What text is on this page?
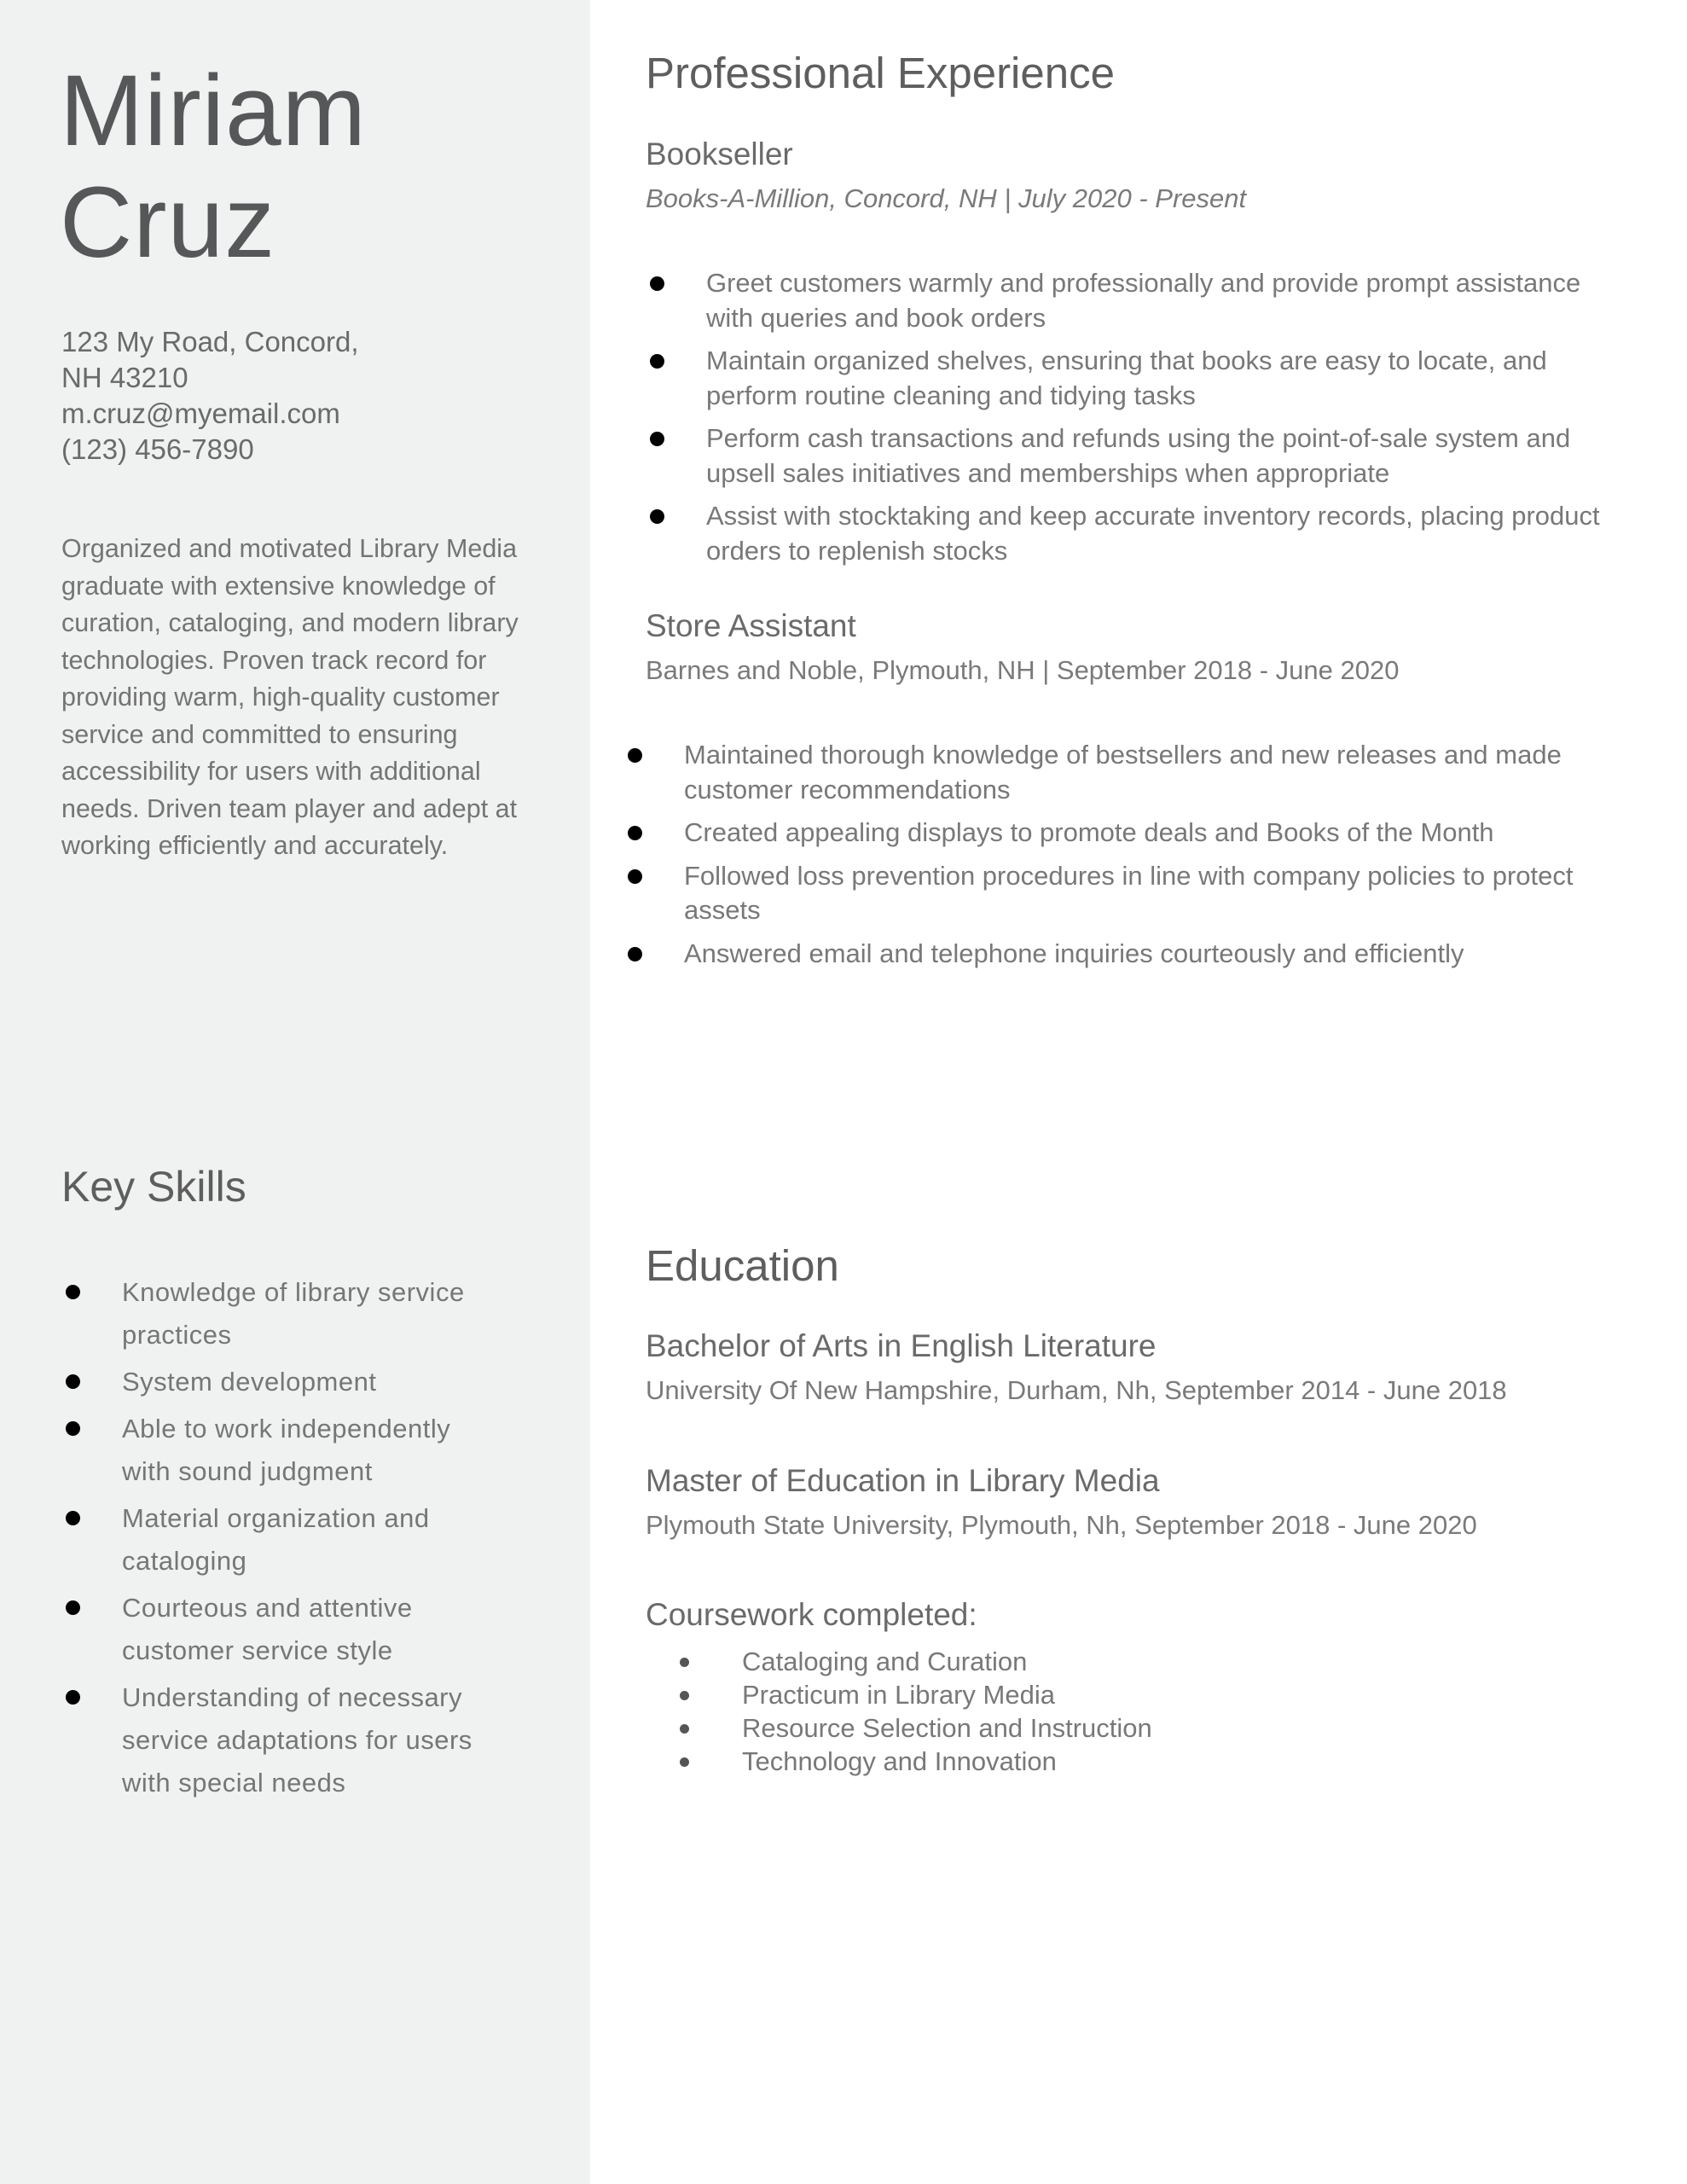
Miriam
Cruz
123 My Road, Concord,
NH 43210
m.cruz@myemail.com
(123) 456-7890
Organized and motivated Library Media graduate with extensive knowledge of curation, cataloging, and modern library technologies. Proven track record for providing warm, high-quality customer service and committed to ensuring accessibility for users with additional needs. Driven team player and adept at working efficiently and accurately.
Key Skills
Knowledge of library service practices
System development
Able to work independently with sound judgment
Material organization and cataloging
Courteous and attentive customer service style
Understanding of necessary service adaptations for users with special needs
Professional Experience
Bookseller
Books-A-Million, Concord, NH | July 2020 - Present
Greet customers warmly and professionally and provide prompt assistance with queries and book orders
Maintain organized shelves, ensuring that books are easy to locate, and perform routine cleaning and tidying tasks
Perform cash transactions and refunds using the point-of-sale system and upsell sales initiatives and memberships when appropriate
Assist with stocktaking and keep accurate inventory records, placing product orders to replenish stocks
Store Assistant
Barnes and Noble, Plymouth, NH | September 2018 - June 2020
Maintained thorough knowledge of bestsellers and new releases and made customer recommendations
Created appealing displays to promote deals and Books of the Month
Followed loss prevention procedures in line with company policies to protect assets
Answered email and telephone inquiries courteously and efficiently
Education
Bachelor of Arts in English Literature
University Of New Hampshire, Durham, Nh, September 2014 - June 2018
Master of Education in Library Media
Plymouth State University, Plymouth, Nh, September 2018 - June 2020
Coursework completed:
Cataloging and Curation
Practicum in Library Media
Resource Selection and Instruction
Technology and Innovation
